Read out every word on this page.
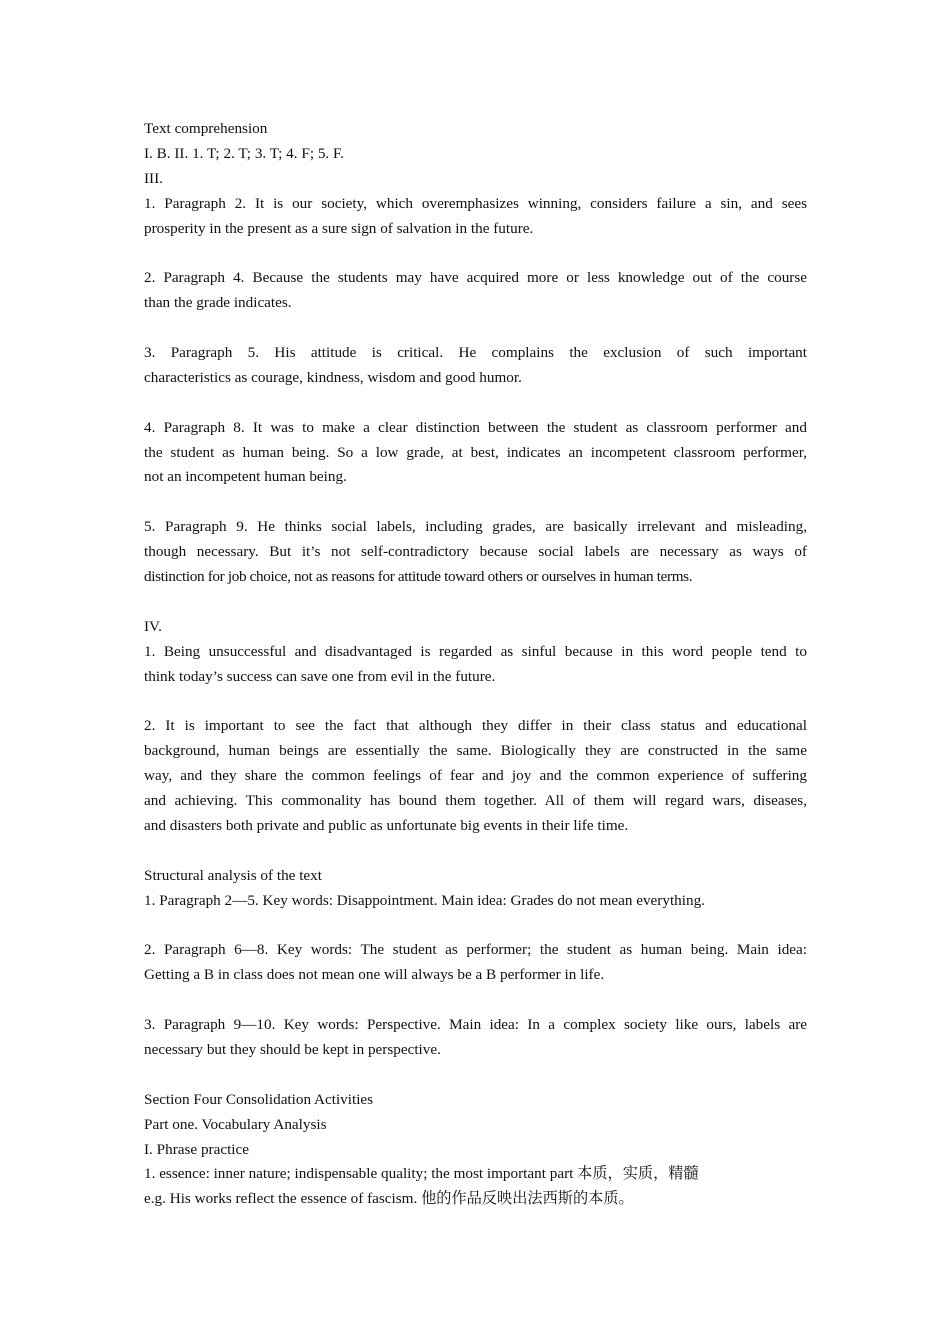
Text comprehension
I. B. II. 1. T; 2. T; 3. T; 4. F; 5. F.
III.
1. Paragraph 2. It is our society, which overemphasizes winning, considers failure a sin, and sees
prosperity in the present as a sure sign of salvation in the future.
2. Paragraph 4. Because the students may have acquired more or less knowledge out of the course
than the grade indicates.
3. Paragraph 5. His attitude is critical. He complains the exclusion of such important
characteristics as courage, kindness, wisdom and good humor.
4. Paragraph 8. It was to make a clear distinction between the student as classroom performer and
the student as human being. So a low grade, at best, indicates an incompetent classroom performer,
not an incompetent human being.
5. Paragraph 9. He thinks social labels, including grades, are basically irrelevant and misleading,
though necessary. But it’s not self-contradictory because social labels are necessary as ways of
distinction for job choice, not as reasons for attitude toward others or ourselves in human terms.
IV.
1. Being unsuccessful and disadvantaged is regarded as sinful because in this word people tend to
think today’s success can save one from evil in the future.
2. It is important to see the fact that although they differ in their class status and educational
background, human beings are essentially the same. Biologically they are constructed in the same
way, and they share the common feelings of fear and joy and the common experience of suffering
and achieving. This commonality has bound them together. All of them will regard wars, diseases,
and disasters both private and public as unfortunate big events in their life time.
Structural analysis of the text
1. Paragraph 2—5. Key words: Disappointment. Main idea: Grades do not mean everything.
2. Paragraph 6—8. Key words: The student as performer; the student as human being. Main idea:
Getting a B in class does not mean one will always be a B performer in life.
3. Paragraph 9—10. Key words: Perspective. Main idea: In a complex society like ours, labels are
necessary but they should be kept in perspective.
Section Four Consolidation Activities
Part one. Vocabulary Analysis
I. Phrase practice
1. essence: inner nature; indispensable quality; the most important part 本质，实质，精髓
e.g. His works reflect the essence of fascism. 他的作品反映出法西斯的本质。
